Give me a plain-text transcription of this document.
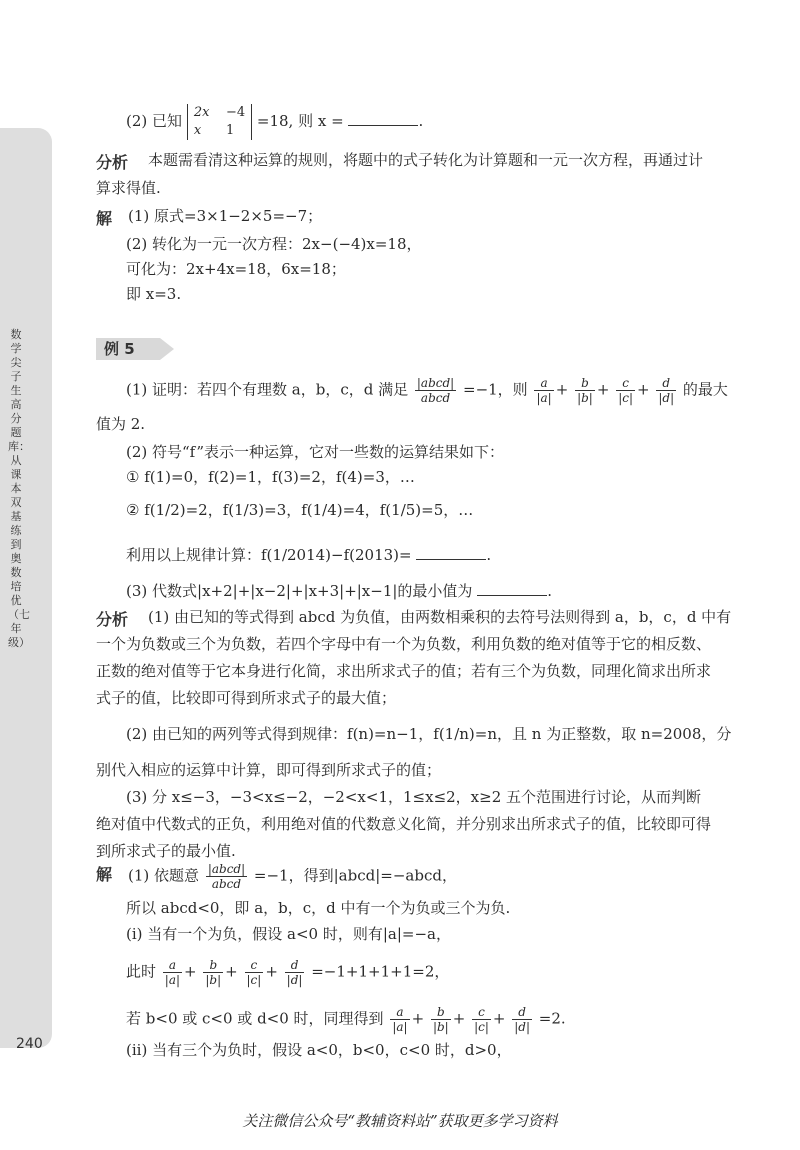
数学尖子生高分题库：从课本双基练到奥数培优（七年级）
240
(2) 已知 2x −4
x 1 =18, 则 x =	.
分析 本题需看清这种运算的规则，将题中的式子转化为计算题和一元一次方程，再通过计
算求得值.
解 (1) 原式=3×1−2×5=−7；
(2) 转化为一元一次方程：2x−(−4)x=18，
可化为：2x+4x=18，6x=18；
即 x=3.
例 5
(1) 证明：若四个有理数 a，b，c，d 满足 $\frac{\text{|abcd|}}{\text{abcd}} =-1$，则 $\frac{a}{|a|} + \frac{b}{|b|} + \frac{c}{|c|} + \frac{d}{|d|}$ 的最大
值为 2.
(2) 符号“f”表示一种运算，它对一些数的运算结果如下：
① f(1)=0，f(2)=1，f(3)=2，f(4)=3，…
② f(1/2)=2，f(1/3)=3，f(1/4)=4，f(1/5)=5，…
利用以上规律计算：f(1/2014)−f(2013)=	.
(3) 代数式|x+2|+|x−2|+|x+3|+|x−1|的最小值为	.
分析 (1) 由已知的等式得到 abcd 为负值，由两数相乘积的去符号法则得到 a，b，c，d 中有
一个为负数或三个为负数，若四个字母中有一个为负数，利用负数的绝对值等于它的相反数、
正数的绝对值等于它本身进行化简，求出所求式子的值；若有三个为负数，同理化简求出所求
式子的值，比较即可得到所求式子的最大值；
(2) 由已知的两列等式得到规律：f(n)=n−1，f(1/n)=n，且 n 为正整数，取 n=2008，分
别代入相应的运算中计算，即可得到所求式子的值；
(3) 分 x≤−3，−3<x≤−2，−2<x<1，1≤x≤2，x≥2 五个范围进行讨论，从而判断
绝对值中代数式的正负，利用绝对值的代数意义化简，并分别求出所求式子的值，比较即可得
到所求式子的最小值.
解 (1) 依题意 $\frac{\text{|abcd|}}{\text{abcd}} =-1$，得到|abcd|=−abcd，
所以 abcd<0，即 a，b，c，d 中有一个为负或三个为负.
(i) 当有一个为负，假设 a<0 时，则有|a|=−a，
此时 $\frac{a}{|a|} + \frac{b}{|b|} + \frac{c}{|c|} + \frac{d}{|d|} =-1+1+1+1=2$，
若 b<0 或 c<0 或 d<0 时，同理得到 $\frac{a}{|a|} + \frac{b}{|b|} + \frac{c}{|c|} + \frac{d}{|d|} =2$.
(ii) 当有三个为负时，假设 a<0，b<0，c<0 时，d>0，
关注微信公众号“教辅资料站”获取更多学习资料
